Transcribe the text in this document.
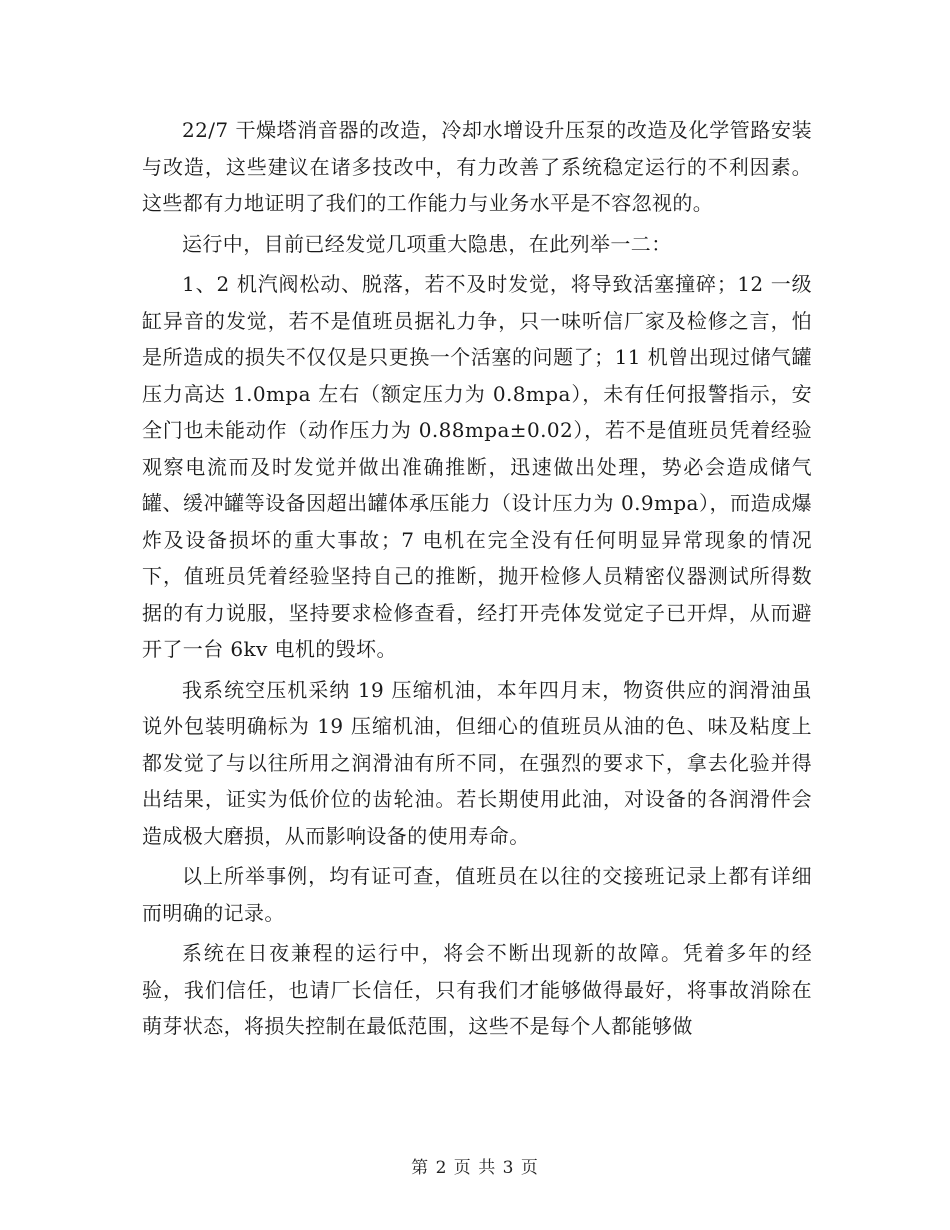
22/7 干燥塔消音器的改造，冷却水增设升压泵的改造及化学管路安装与改造，这些建议在诸多技改中，有力改善了系统稳定运行的不利因素。这些都有力地证明了我们的工作能力与业务水平是不容忽视的。

运行中，目前已经发觉几项重大隐患，在此列举一二：

1、2 机汽阀松动、脱落，若不及时发觉，将导致活塞撞碎；12 一级缸异音的发觉，若不是值班员据礼力争，只一味听信厂家及检修之言，怕是所造成的损失不仅仅是只更换一个活塞的问题了；11 机曾出现过储气罐压力高达 1.0mpa 左右（额定压力为 0.8mpa），未有任何报警指示，安全门也未能动作（动作压力为 0.88mpa±0.02），若不是值班员凭着经验观察电流而及时发觉并做出准确推断，迅速做出处理，势必会造成储气罐、缓冲罐等设备因超出罐体承压能力（设计压力为 0.9mpa），而造成爆炸及设备损坏的重大事故；7 电机在完全没有任何明显异常现象的情况下，值班员凭着经验坚持自己的推断，抛开检修人员精密仪器测试所得数据的有力说服，坚持要求检修查看，经打开壳体发觉定子已开焊，从而避开了一台 6kv 电机的毁坏。

我系统空压机采纳 19 压缩机油，本年四月末，物资供应的润滑油虽说外包装明确标为 19 压缩机油，但细心的值班员从油的色、味及粘度上都发觉了与以往所用之润滑油有所不同，在强烈的要求下，拿去化验并得出结果，证实为低价位的齿轮油。若长期使用此油，对设备的各润滑件会造成极大磨损，从而影响设备的使用寿命。

以上所举事例，均有证可查，值班员在以往的交接班记录上都有详细而明确的记录。

系统在日夜兼程的运行中，将会不断出现新的故障。凭着多年的经验，我们信任，也请厂长信任，只有我们才能够做得最好，将事故消除在萌芽状态，将损失控制在最低范围，这些不是每个人都能够做

第 2 页 共 3 页
